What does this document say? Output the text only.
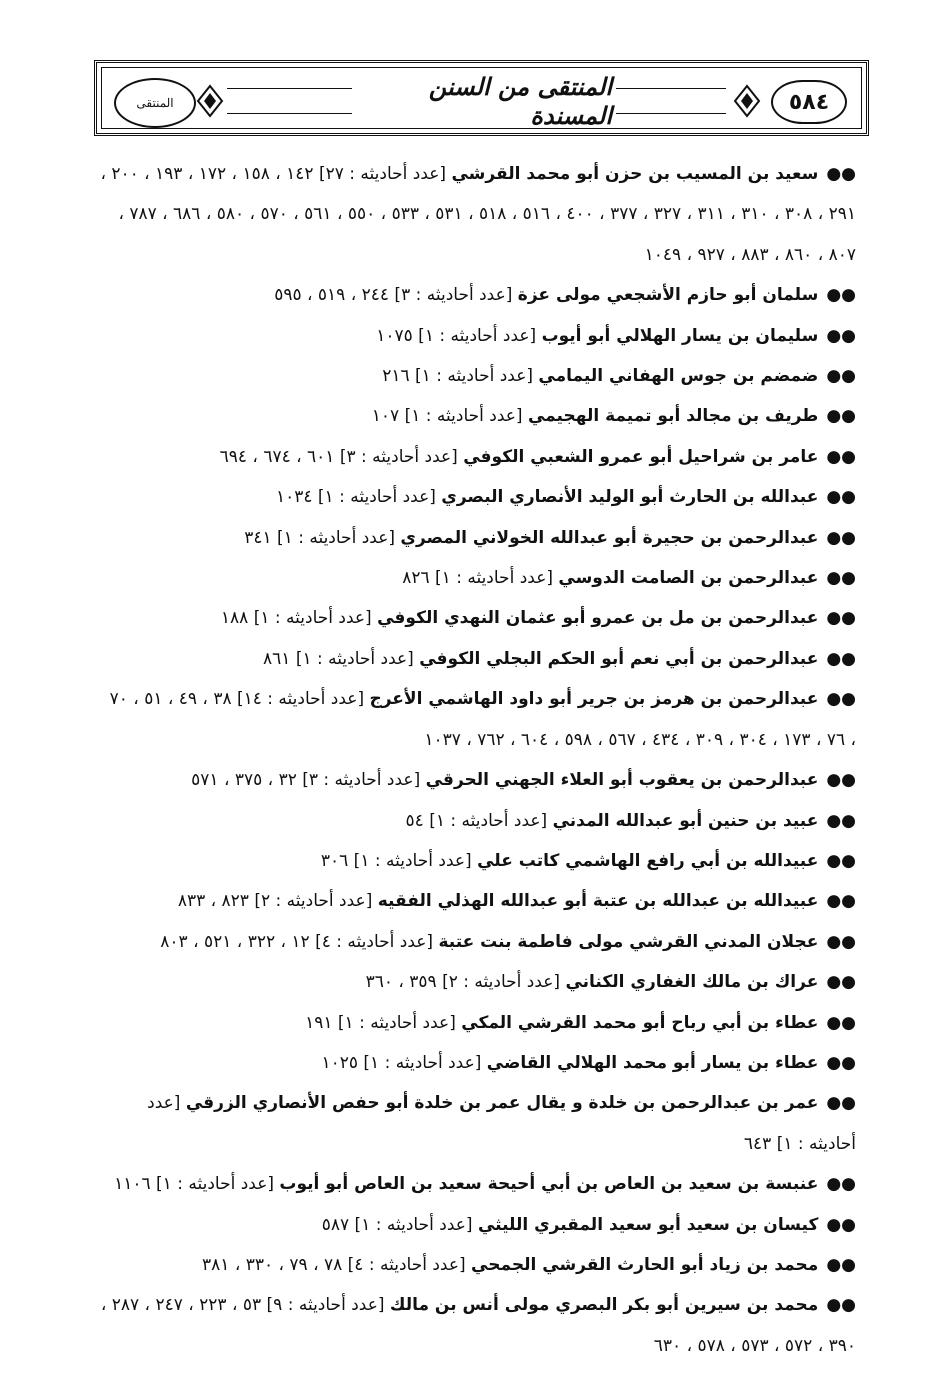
٥٨٤
المنتقى من السنن المسندة
المنتقى
●●سعيد بن المسيب بن حزن أبو محمد القرشي [عدد أحاديثه : ٢٧] ١٤٢ ، ١٥٨ ، ١٧٢ ، ١٩٣ ، ٢٠٠ ، ٢٩١ ، ٣٠٨ ، ٣١٠ ، ٣١١ ، ٣٢٧ ، ٣٧٧ ، ٤٠٠ ، ٥١٦ ، ٥١٨ ، ٥٣١ ، ٥٣٣ ، ٥٥٠ ، ٥٦١ ، ٥٧٠ ، ٥٨٠ ، ٦٨٦ ، ٧٨٧ ، ٨٠٧ ، ٨٦٠ ، ٨٨٣ ، ٩٢٧ ، ١٠٤٩
●●سلمان أبو حازم الأشجعي مولى عزة [عدد أحاديثه : ٣] ٢٤٤ ، ٥١٩ ، ٥٩٥
●●سليمان بن يسار الهلالي أبو أيوب [عدد أحاديثه : ١] ١٠٧٥
●●ضمضم بن جوس الهفاني اليمامي [عدد أحاديثه : ١] ٢١٦
●●طريف بن مجالد أبو تميمة الهجيمي [عدد أحاديثه : ١] ١٠٧
●●عامر بن شراحيل أبو عمرو الشعبي الكوفي [عدد أحاديثه : ٣] ٦٠١ ، ٦٧٤ ، ٦٩٤
●●عبدالله بن الحارث أبو الوليد الأنصاري البصري [عدد أحاديثه : ١] ١٠٣٤
●●عبدالرحمن بن حجيرة أبو عبدالله الخولاني المصري [عدد أحاديثه : ١] ٣٤١
●●عبدالرحمن بن الصامت الدوسي [عدد أحاديثه : ١] ٨٢٦
●●عبدالرحمن بن مل بن عمرو أبو عثمان النهدي الكوفي [عدد أحاديثه : ١] ١٨٨
●●عبدالرحمن بن أبي نعم أبو الحكم البجلي الكوفي [عدد أحاديثه : ١] ٨٦١
●●عبدالرحمن بن هرمز بن جرير أبو داود الهاشمي الأعرج [عدد أحاديثه : ١٤] ٣٨ ، ٤٩ ، ٥١ ، ٧٠ ، ٧٦ ، ١٧٣ ، ٣٠٤ ، ٣٠٩ ، ٤٣٤ ، ٥٦٧ ، ٥٩٨ ، ٦٠٤ ، ٧٦٢ ، ١٠٣٧
●●عبدالرحمن بن يعقوب أبو العلاء الجهني الحرقي [عدد أحاديثه : ٣] ٣٢ ، ٣٧٥ ، ٥٧١
●●عبيد بن حنين أبو عبدالله المدني [عدد أحاديثه : ١] ٥٤
●●عبيدالله بن أبي رافع الهاشمي كاتب علي [عدد أحاديثه : ١] ٣٠٦
●●عبيدالله بن عبدالله بن عتبة أبو عبدالله الهذلي الفقيه [عدد أحاديثه : ٢] ٨٢٣ ، ٨٣٣
●●عجلان المدني القرشي مولى فاطمة بنت عتبة [عدد أحاديثه : ٤] ١٢ ، ٣٢٢ ، ٥٢١ ، ٨٠٣
●●عراك بن مالك الغفاري الكناني [عدد أحاديثه : ٢] ٣٥٩ ، ٣٦٠
●●عطاء بن أبي رباح أبو محمد القرشي المكي [عدد أحاديثه : ١] ١٩١
●●عطاء بن يسار أبو محمد الهلالي القاضي [عدد أحاديثه : ١] ١٠٢٥
●●عمر بن عبدالرحمن بن خلدة و يقال عمر بن خلدة أبو حفص الأنصاري الزرقي [عدد أحاديثه : ١] ٦٤٣
●●عنبسة بن سعيد بن العاص بن أبي أحيحة سعيد بن العاص أبو أيوب [عدد أحاديثه : ١] ١١٠٦
●●كيسان بن سعيد أبو سعيد المقبري الليثي [عدد أحاديثه : ١] ٥٨٧
●●محمد بن زياد أبو الحارث القرشي الجمحي [عدد أحاديثه : ٤] ٧٨ ، ٧٩ ، ٣٣٠ ، ٣٨١
●●محمد بن سيرين أبو بكر البصري مولى أنس بن مالك [عدد أحاديثه : ٩] ٥٣ ، ٢٢٣ ، ٢٤٧ ، ٢٨٧ ، ٣٩٠ ، ٥٧٢ ، ٥٧٣ ، ٥٧٨ ، ٦٣٠
